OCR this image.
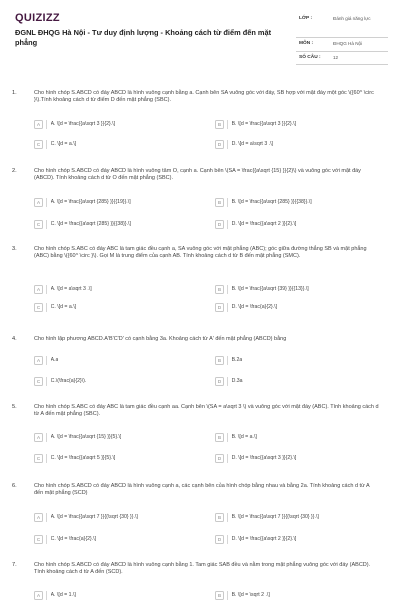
QUIZIZZ
ĐGNL ĐHQG Hà Nội - Tư duy định lượng - Khoảng cách từ điểm đến mặt phẳng
LỚP :	Đánh giá năng lực
MÔN :	ĐHQG Hà Nội
SỐ CÂU :	12
1.	Cho hình chóp S.ABCD có đáy ABCD là hình vuông cạnh bằng a. Cạnh bên SA vuông góc với đáy, SB hợp với mặt đáy một góc \({60^ \circ }\).Tính khoảng cách d từ điểm D đến mặt phẳng (SBC).
A	A. \[d = \frac{{a\sqrt 3 }}{2}.\]	B	B. \[d = \frac{{a\sqrt 3 }}{2}.\]
C	C. \[d = a.\]	D	D. \[d = a\sqrt 3 .\]
2.	Cho hình chóp S.ABCD có đáy ABCD là hình vuông tâm O, cạnh a. Cạnh bên \(SA = \frac{{a\sqrt {15} }}{2}\) và vuông góc với mặt đáy (ABCD). Tính khoảng cách d từ O đến mặt phẳng (SBC).
A	A. \[d = \frac{{a\sqrt {285} }}{{19}}.\]	B	B. \[d = \frac{{a\sqrt {285} }}{{38}}.\]
C	C. \[d = \frac{{a\sqrt {285} }}{{38}}.\]	D	D. \[d = \frac{{a\sqrt 2 }}{2}.\]
3.	Cho hình chóp S.ABC có đáy ABC là tam giác đều cạnh a, SA vuông góc với mặt phẳng (ABC); góc giữa đường thẳng SB và mặt phẳng (ABC) bằng \({60^ \circ }\). Gọi M là trung điểm của cạnh AB. Tính khoảng cách d từ B đến mặt phẳng (SMC).
A	A. \[d = a\sqrt 3 .\]	B	B. \[d = \frac{{a\sqrt {39} }}{{13}}.\]
C	C. \[d = a.\]	D	D. \[d = \frac{a}{2}.\]
4.	Cho hình lập phương ABCD.A'B'C'D' có cạnh bằng 3a. Khoảng cách từ A' đến mặt phẳng (ABCD) bằng
A	A.a	B	B.2a
C	C.\(\frac{a}{2}\).	D	D.3a
5.	Cho hình chóp S.ABC có đáy ABC là tam giác đều cạnh aa. Cạnh bên \(SA = a\sqrt 3 \) và vuông góc với mặt đáy (ABC). Tính khoảng cách d từ A đến mặt phẳng (SBC).
A	A. \[d = \frac{{a\sqrt {15} }}{5}.\]	B	B. \[d = a.\]
C	C. \[d = \frac{{a\sqrt 5 }}{5}.\]	D	D. \[d = \frac{{a\sqrt 3 }}{2}.\]
6.	Cho hình chóp S.ABCD có đáy ABCD là hình vuông cạnh a, các cạnh bên của hình chóp bằng nhau và bằng 2a. Tính khoảng cách d từ A đến mặt phẳng (SCD)
A	A. \[d = \frac{{a\sqrt 7 }}{{\sqrt {30} }}.\]	B	B. \[d = \frac{{a\sqrt 7 }}{{\sqrt {30} }}.\]
C	C. \[d = \frac{a}{2}.\]	D	D. \[d = \frac{{a\sqrt 2 }}{2}.\]
7.	Cho hình chóp S.ABCD có đáy ABCD là hình vuông cạnh bằng 1. Tam giác SAB đều và nằm trong mặt phẳng vuông góc với đáy (ABCD). Tính khoảng cách d từ A đến (SCD).
A	A. \[d = 1.\]	B	B. \[d = \sqrt 2 .\]
